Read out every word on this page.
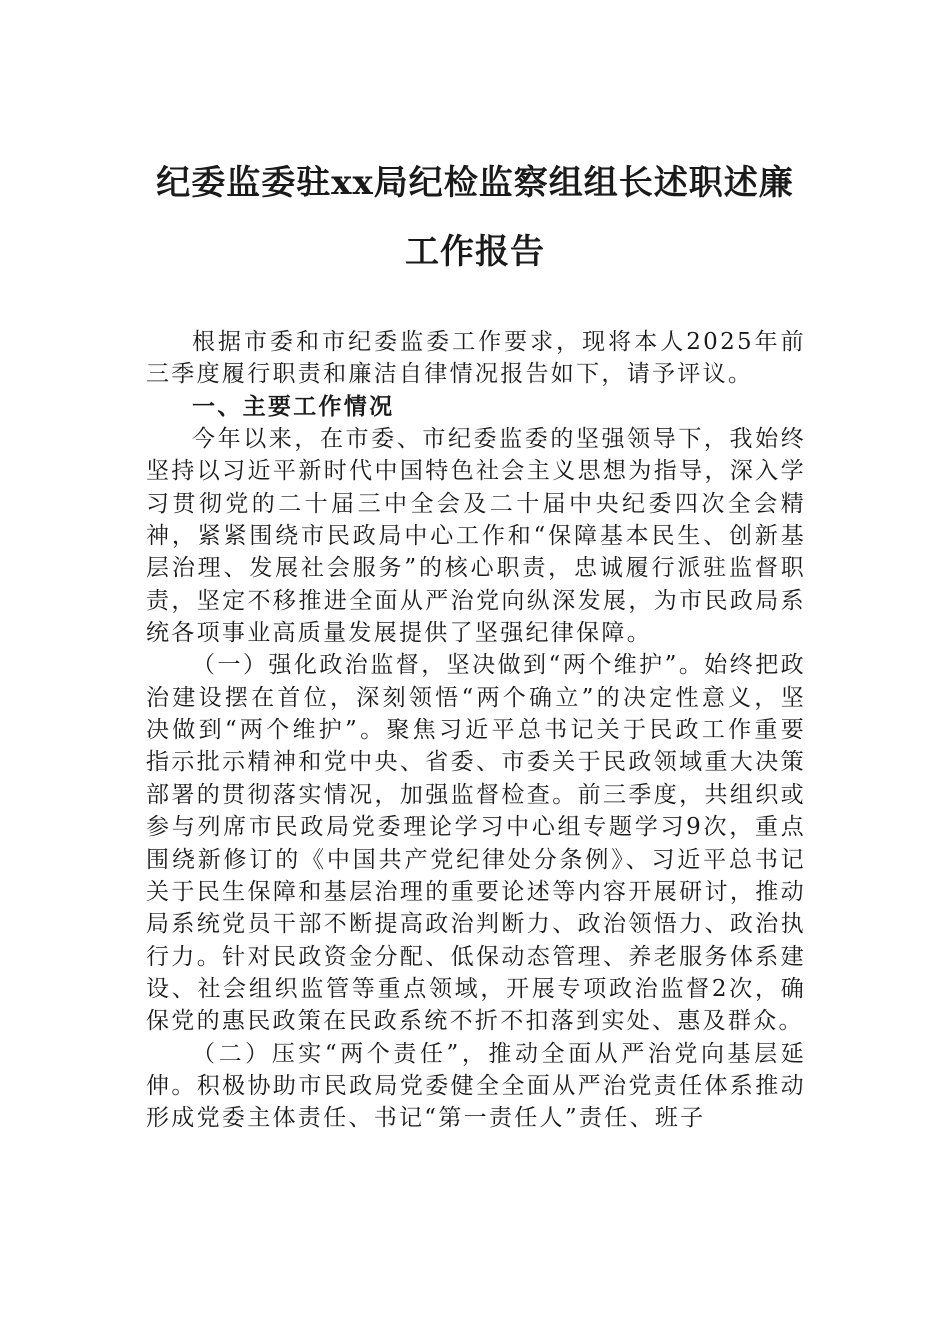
纪委监委驻xx局纪检监察组组长述职述廉
工作报告

根据市委和市纪委监委工作要求，现将本人2025年前三季度履行职责和廉洁自律情况报告如下，请予评议。

一、主要工作情况

今年以来，在市委、市纪委监委的坚强领导下，我始终坚持以习近平新时代中国特色社会主义思想为指导，深入学习贯彻党的二十届三中全会及二十届中央纪委四次全会精神，紧紧围绕市民政局中心工作和“保障基本民生、创新基层治理、发展社会服务”的核心职责，忠诚履行派驻监督职责，坚定不移推进全面从严治党向纵深发展，为市民政局系统各项事业高质量发展提供了坚强纪律保障。

（一）强化政治监督，坚决做到“两个维护”。始终把政治建设摆在首位，深刻领悟“两个确立”的决定性意义，坚决做到“两个维护”。聚焦习近平总书记关于民政工作重要指示批示精神和党中央、省委、市委关于民政领域重大决策部署的贯彻落实情况，加强监督检查。前三季度，共组织或参与列席市民政局党委理论学习中心组专题学习9次，重点围绕新修订的《中国共产党纪律处分条例》、习近平总书记关于民生保障和基层治理的重要论述等内容开展研讨，推动局系统党员干部不断提高政治判断力、政治领悟力、政治执行力。针对民政资金分配、低保动态管理、养老服务体系建设、社会组织监管等重点领域，开展专项政治监督2次，确保党的惠民政策在民政系统不折不扣落到实处、惠及群众。

（二）压实“两个责任”，推动全面从严治党向基层延伸。积极协助市民政局党委健全全面从严治党责任体系推动形成党委主体责任、书记“第一责任人”责任、班子
